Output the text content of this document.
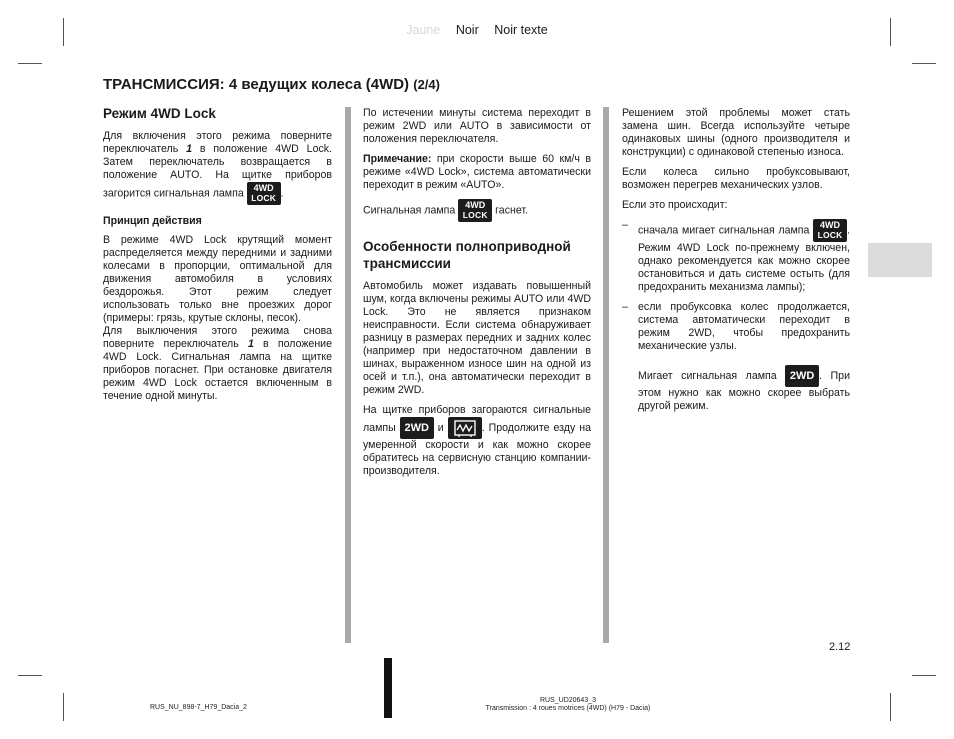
Jaune Noir Noir texte
ТРАНСМИССИЯ: 4 ведущих колеса (4WD) (2/4)
Режим 4WD Lock

Для включения этого режима поверните переключатель 1 в положение 4WD Lock. Затем переключатель возвращается в положение AUTO. На щитке приборов загорится сигнальная лампа 4WD
LOCK .

Принцип действия

В режиме 4WD Lock крутящий момент распределяется между передними и задними колесами в пропорции, оптимальной для движения автомобиля в условиях бездорожья. Этот режим следует использовать только вне проезжих дорог (примеры: грязь, крутые склоны, песок).

Для выключения этого режима снова поверните переключатель 1 в положение 4WD Lock. Сигнальная лампа на щитке приборов погаснет. При остановке двигателя режим 4WD Lock остается включенным в течение одной минуты.

По истечении минуты система переходит в режим 2WD или AUTO в зависимости от положения переключателя.

Примечание: при скорости выше 60 км/ч в режиме «4WD Lock», система автоматически переходит в режим «AUTO».

Сигнальная лампа 4WD
LOCK гаснет.

Особенности полноприводной трансмиссии

Автомобиль может издавать повышенный шум, когда включены режимы AUTO или 4WD Lock. Это не является признаком неисправности. Если система обнаруживает разницу в размерах передних и задних колес (например при недостаточном давлении в шинах, выраженном износе шин на одной из осей и т.п.), она автоматически переходит в режим 2WD.

На щитке приборов загораются сигнальные лампы 2WD и	. Продолжите езду на умеренной скорости и как можно скорее обратитесь на сервисную станцию компании-производителя.

Решением этой проблемы может стать замена шин. Всегда используйте четыре одинаковых шины (одного производителя и конструкции) с одинаковой степенью износа.

Если колеса сильно пробуксовывают, возможен перегрев механических узлов.

Если это происходит:

– сначала мигает сигнальная лампа 4WD
LOCK . Режим 4WD Lock по-прежнему включен, однако рекомендуется как можно скорее остановиться и дать системе остыть (для предохранить механизма лампы);
– если пробуксовка колес продолжается, система автоматически переходит в режим 2WD, чтобы предохранить механические узлы.

Мигает сигнальная лампа 2WD . При этом нужно как можно скорее выбрать другой режим.

2.12
RUS_NU_898-7_H79_Dacia_2
RUS_UD20643_3
Transmission : 4 roues motrices (4WD) (H79 - Dacia)
